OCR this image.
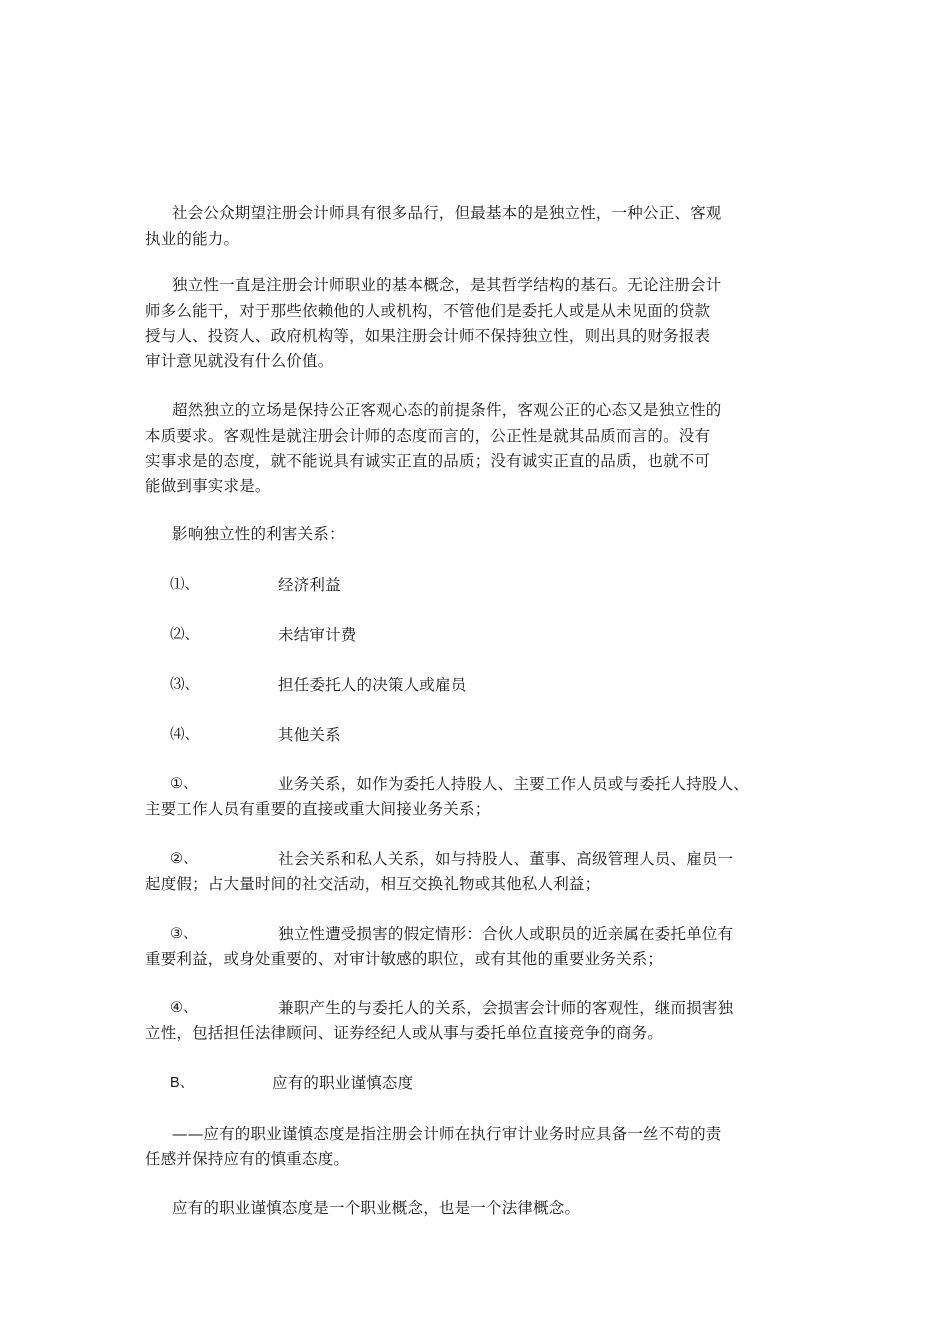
社会公众期望注册会计师具有很多品行，但最基本的是独立性，一种公正、客观
执业的能力。
独立性一直是注册会计师职业的基本概念，是其哲学结构的基石。无论注册会计
师多么能干，对于那些依赖他的人或机构，不管他们是委托人或是从未见面的贷款
授与人、投资人、政府机构等，如果注册会计师不保持独立性，则出具的财务报表
审计意见就没有什么价值。
超然独立的立场是保持公正客观心态的前提条件，客观公正的心态又是独立性的
本质要求。客观性是就注册会计师的态度而言的，公正性是就其品质而言的。没有
实事求是的态度，就不能说具有诚实正直的品质；没有诚实正直的品质，也就不可
能做到事实求是。
影响独立性的利害关系：
⑴、	经济利益
⑵、	未结审计费
⑶、	担任委托人的决策人或雇员
⑷、	其他关系
①、	业务关系，如作为委托人持股人、主要工作人员或与委托人持股人、
主要工作人员有重要的直接或重大间接业务关系；
②、	社会关系和私人关系，如与持股人、董事、高级管理人员、雇员一
起度假；占大量时间的社交活动，相互交换礼物或其他私人利益；
③、	独立性遭受损害的假定情形：合伙人或职员的近亲属在委托单位有
重要利益，或身处重要的、对审计敏感的职位，或有其他的重要业务关系；
④、	兼职产生的与委托人的关系，会损害会计师的客观性，继而损害独
立性，包括担任法律顾问、证券经纪人或从事与委托单位直接竞争的商务。
B、	应有的职业谨慎态度
——应有的职业谨慎态度是指注册会计师在执行审计业务时应具备一丝不苟的责
任感并保持应有的慎重态度。
应有的职业谨慎态度是一个职业概念，也是一个法律概念。
